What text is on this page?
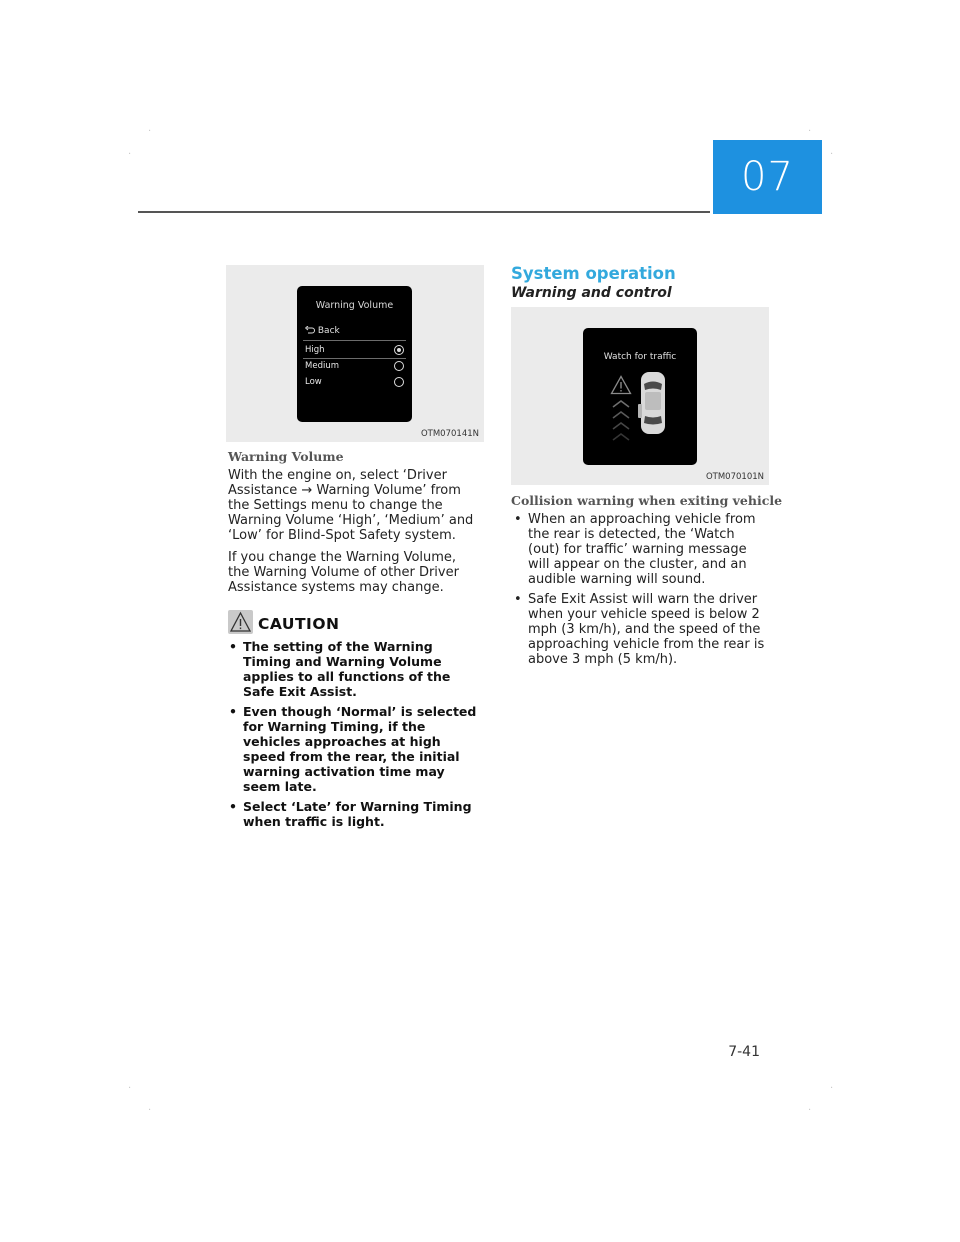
·	·
·	·
·	·
·	·
07
Warning Volume
Back
High
Medium
Low
OTM070141N
Warning Volume

With the engine on, select ‘Driver Assistance → Warning Volume’ from the Settings menu to change the Warning Volume ‘High’, ‘Medium’ and ‘Low’ for Blind-Spot Safety system.

If you change the Warning Volume, the Warning Volume of other Driver Assistance systems may change.

CAUTION
• The setting of the Warning Timing and Warning Volume applies to all functions of the Safe Exit Assist.
• Even though ‘Normal’ is selected for Warning Timing, if the vehicles approaches at high speed from the rear, the initial warning activation time may seem late.
• Select ‘Late’ for Warning Timing when traffic is light.
System operation
Warning and control
Watch for traffic
OTM070101N
Collision warning when exiting vehicle
• When an approaching vehicle from the rear is detected, the ‘Watch (out) for traffic’ warning message will appear on the cluster, and an audible warning will sound.
• Safe Exit Assist will warn the driver when your vehicle speed is below 2 mph (3 km/h), and the speed of the approaching vehicle from the rear is above 3 mph (5 km/h).
7-41
